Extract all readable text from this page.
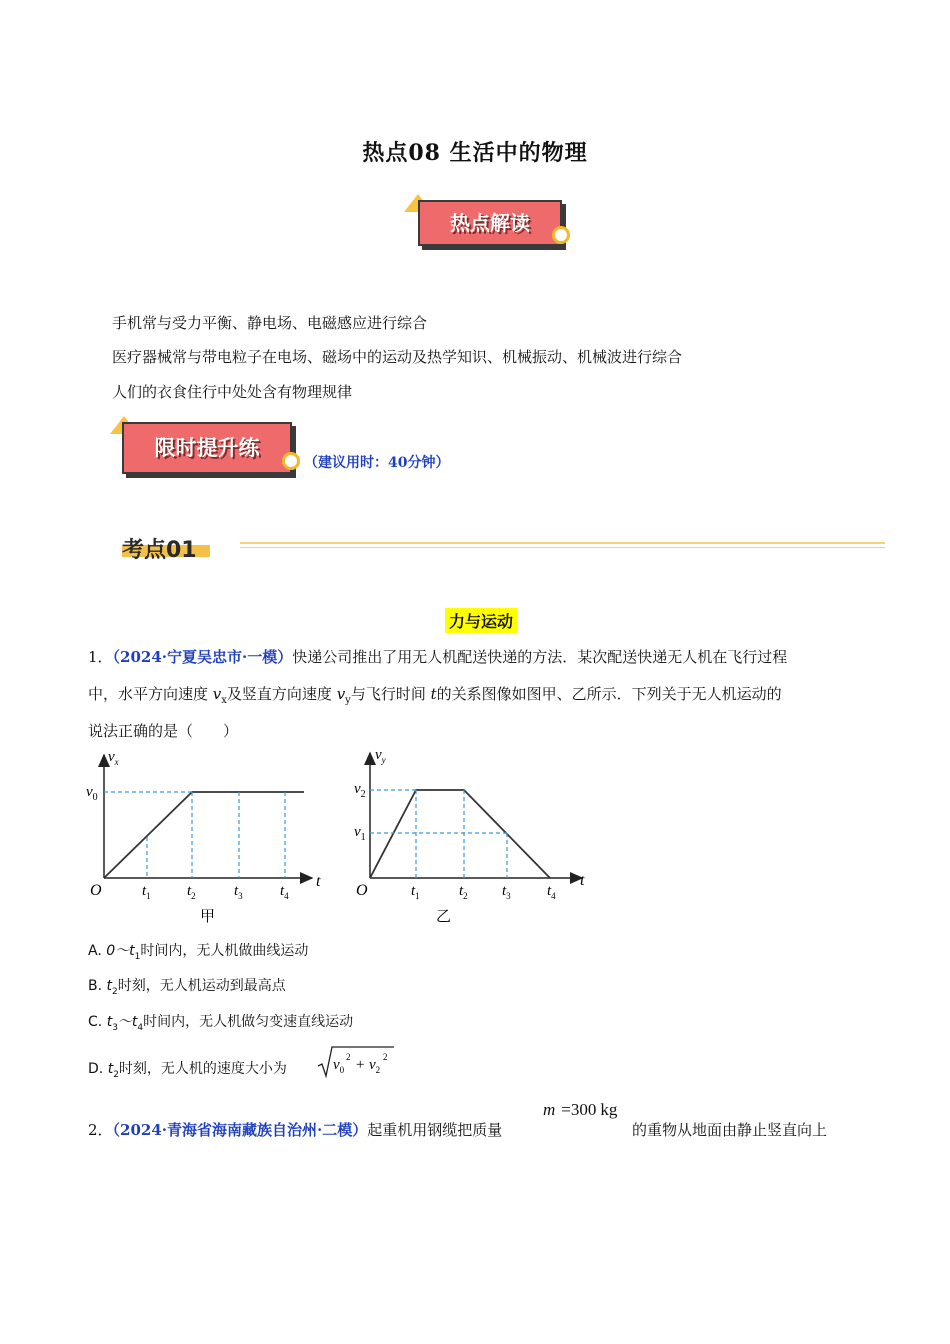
热点08 生活中的物理
热点解读
手机常与受力平衡、静电场、电磁感应进行综合
医疗器械常与带电粒子在电场、磁场中的运动及热学知识、机械振动、机械波进行综合
人们的衣食住行中处处含有物理规律
限时提升练
（建议用时：40分钟）
考点01
力与运动
1．（2024·宁夏吴忠市·一模）快递公司推出了用无人机配送快递的方法．某次配送快递无人机在飞行过程
中，水平方向速度 $v_x$及竖直方向速度 $v_y$与飞行时间 t的关系图像如图甲、乙所示．下列关于无人机运动的
说法正确的是（　　）
$v_x$
$v_0$
O
t
$t_1$ $t_2$	$t_3$ $t_4$
甲
$v_y$
$v_2$
$v_1$
O
t
$t_1$	$t_2$ $t_3$ $t_4$
乙
A. $0\sim t_1$时间内，无人机做曲线运动
B. $t_2$时刻，无人机运动到最高点
C. $t_3\sim t_4$时间内，无人机做匀变速直线运动
D. $t_2$时刻，无人机的速度大小为	$v_0$
$2 + v_2$
2
2．（2024·青海省海南藏族自治州·二模）起重机用钢缆把质量
m =300 kg
的重物从地面由静止竖直向上
